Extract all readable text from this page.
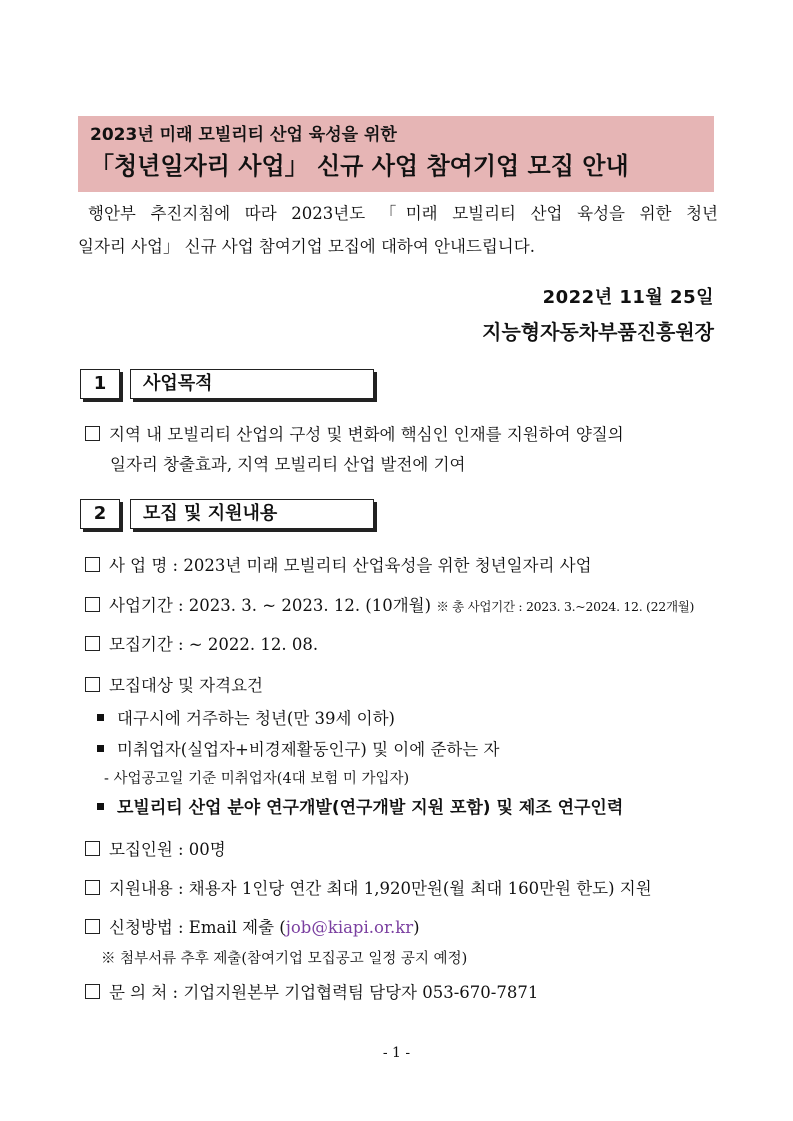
2023년 미래 모빌리티 산업 육성을 위한
「청년일자리 사업」 신규 사업 참여기업 모집 안내
행안부 추진지침에 따라 2023년도 「미래 모빌리티 산업 육성을 위한 청년
일자리 사업」 신규 사업 참여기업 모집에 대하여 안내드립니다.
2022년 11월 25일
지능형자동차부품진흥원장
1	사업목적
지역 내 모빌리티 산업의 구성 및 변화에 핵심인 인재를 지원하여 양질의
일자리 창출효과, 지역 모빌리티 산업 발전에 기여
2	모집 및 지원내용
사 업 명 : 2023년 미래 모빌리티 산업육성을 위한 청년일자리 사업
사업기간 : 2023. 3. ~ 2023. 12. (10개월) ※ 총 사업기간 : 2023. 3.~2024. 12. (22개월)
모집기간 : ~ 2022. 12. 08.
모집대상 및 자격요건
대구시에 거주하는 청년(만 39세 이하)
미취업자(실업자+비경제활동인구) 및 이에 준하는 자
- 사업공고일 기준 미취업자(4대 보험 미 가입자)
모빌리티 산업 분야 연구개발(연구개발 지원 포함) 및 제조 연구인력
모집인원 : 00명
지원내용 : 채용자 1인당 연간 최대 1,920만원(월 최대 160만원 한도) 지원
신청방법 : Email 제출 (job@kiapi.or.kr)
※ 첨부서류 추후 제출(참여기업 모집공고 일정 공지 예정)
문 의 처 : 기업지원본부 기업협력팀 담당자 053-670-7871
- 1 -
